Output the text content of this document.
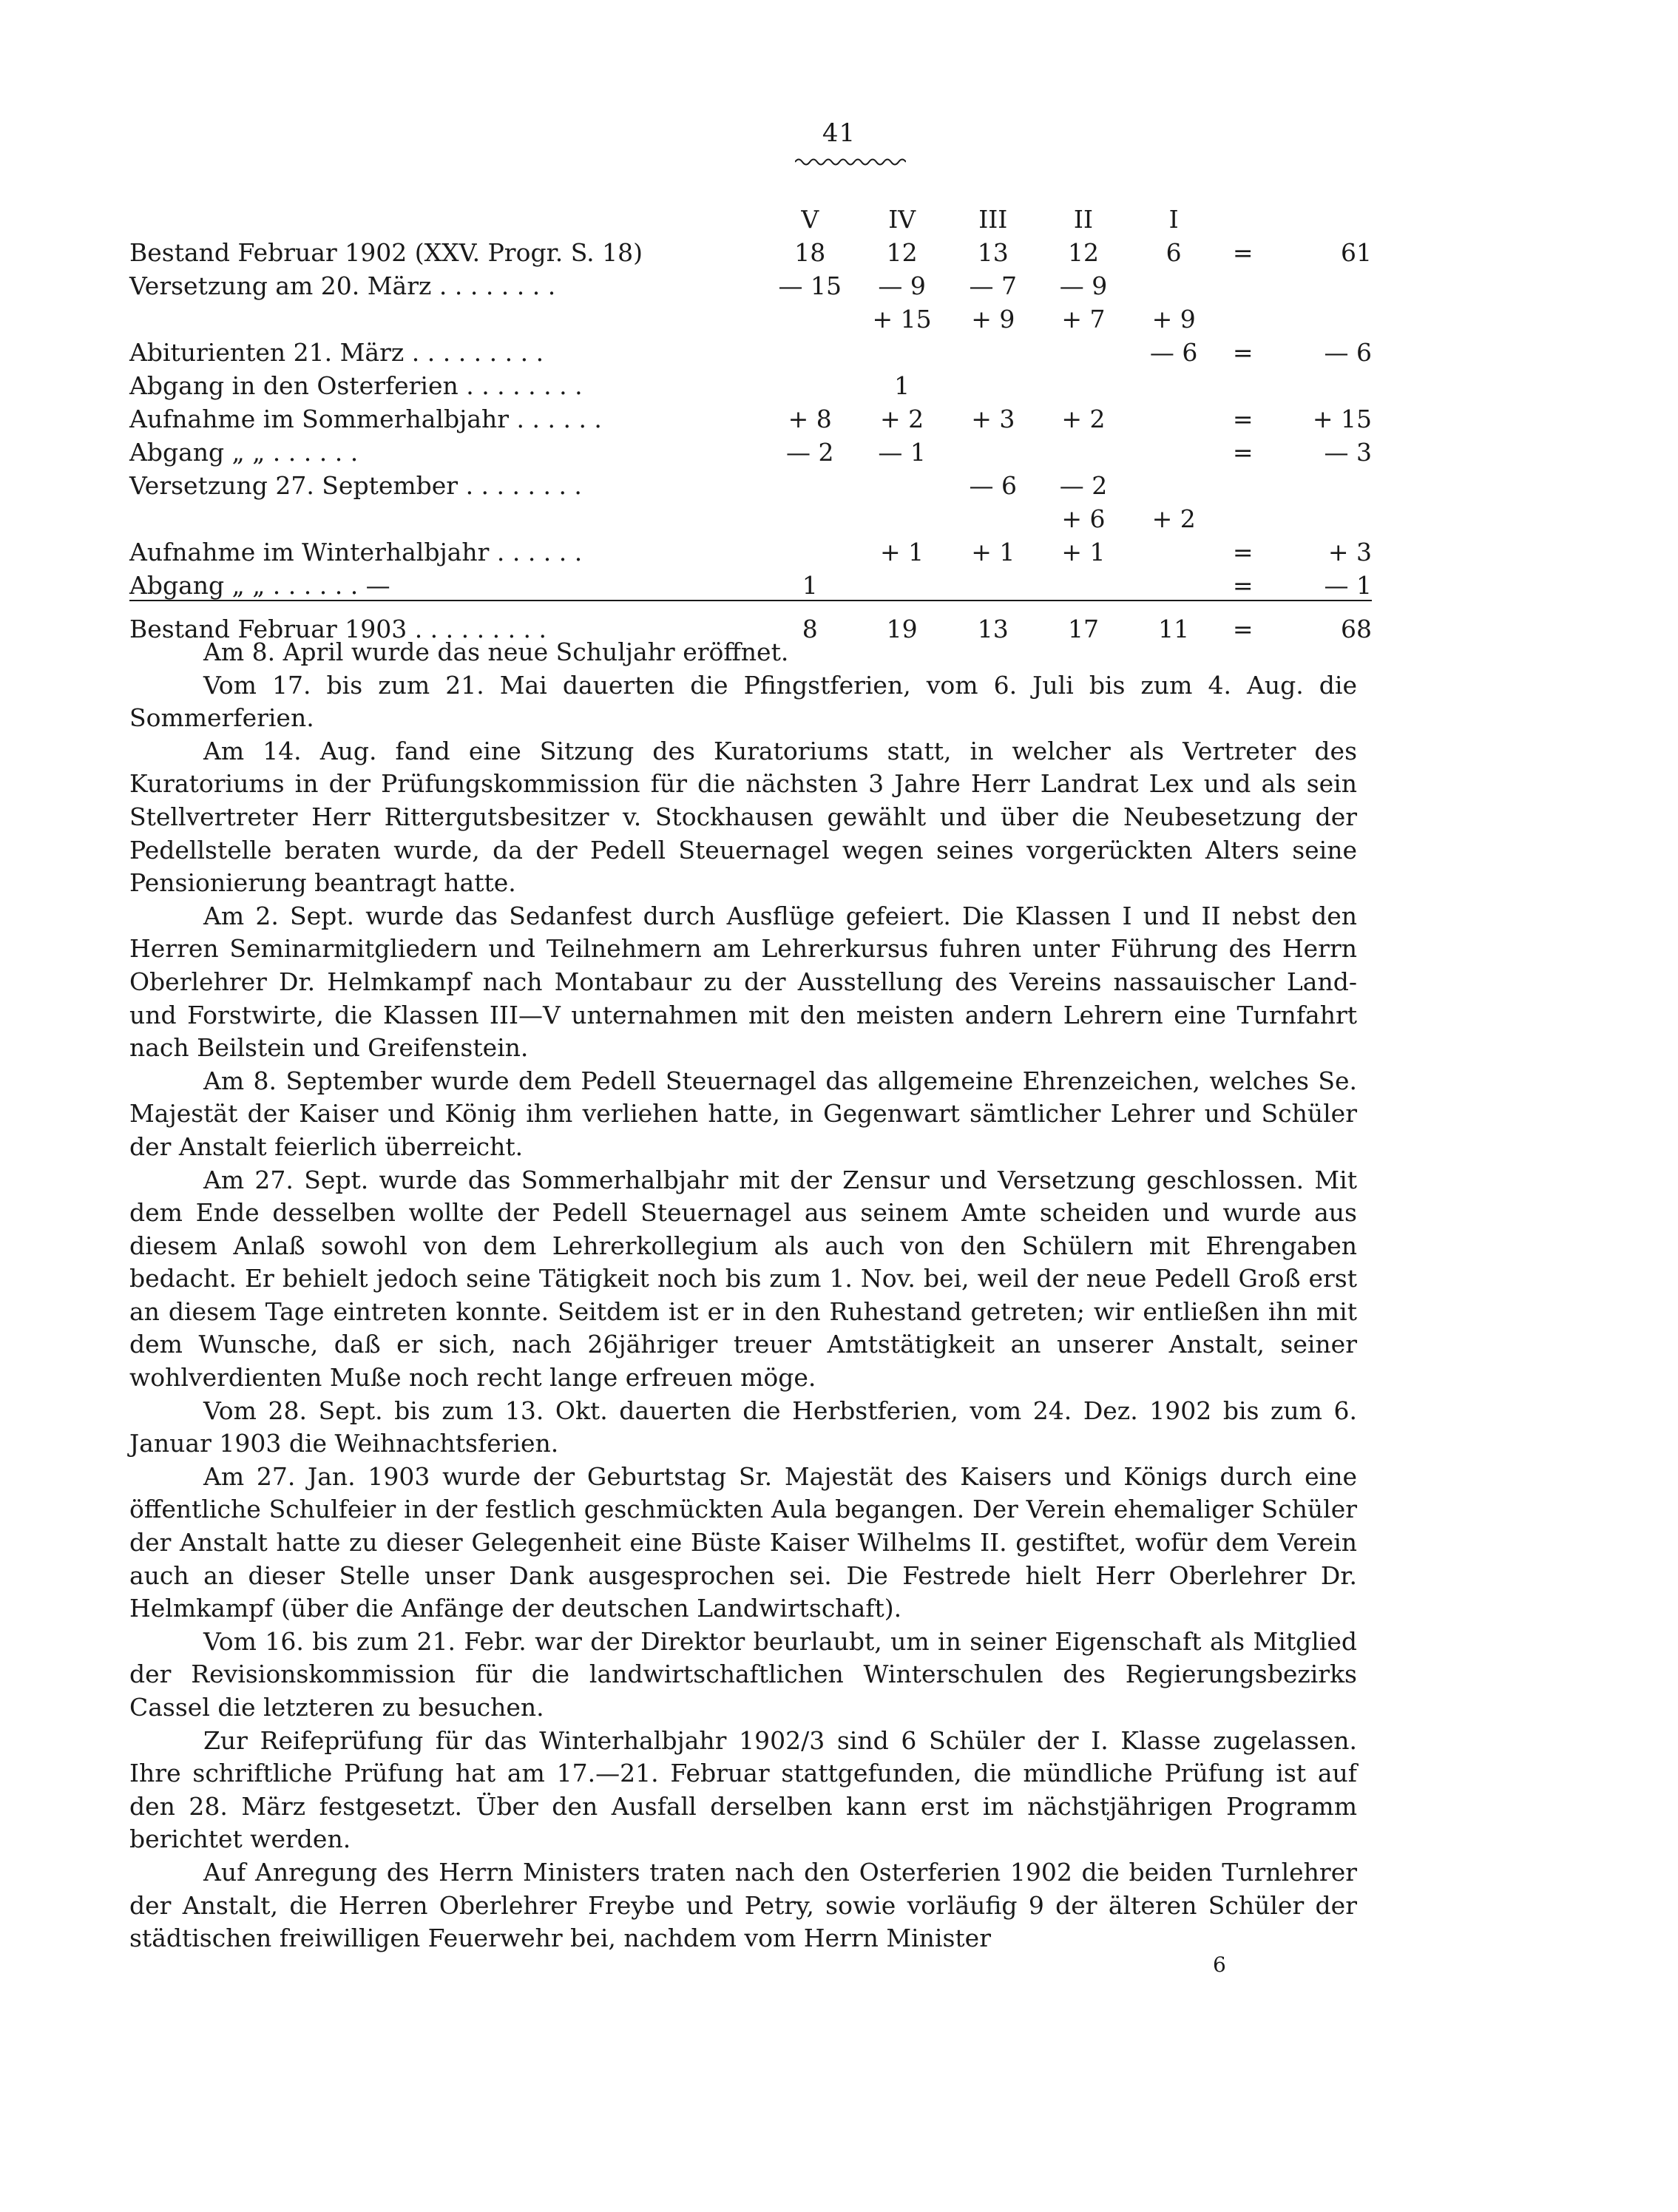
41
	V	IV	III	II	I		
Bestand Februar 1902 (XXV. Progr. S. 18)	18	12	13	12	6	=	61
Versetzung am 20. März . . . . . . . .	— 15	— 9	— 7	— 9			
		+ 15	+ 9	+ 7	+ 9		
Abiturienten 21. März . . . . . . . . .					— 6	=	— 6
Abgang in den Osterferien . . . . . . . .		1					
Aufnahme im Sommerhalbjahr . . . . . .	+ 8	+ 2	+ 3	+ 2		=	+ 15
Abgang „ „ . . . . . .	— 2	— 1				=	— 3
Versetzung 27. September . . . . . . . .			— 6	— 2			
				+ 6	+ 2		
Aufnahme im Winterhalbjahr . . . . . .		+ 1	+ 1	+ 1		=	+ 3
Abgang „ „ . . . . . . —	1					=	— 1
Bestand Februar 1903 . . . . . . . . .	8	19	13	17	11	=	68

Am 8. April wurde das neue Schuljahr eröffnet.

Vom 17. bis zum 21. Mai dauerten die Pfingstferien, vom 6. Juli bis zum 4. Aug. die Sommerferien.

Am 14. Aug. fand eine Sitzung des Kuratoriums statt, in welcher als Vertreter des Kuratoriums in der Prüfungskommission für die nächsten 3 Jahre Herr Landrat Lex und als sein Stellvertreter Herr Rittergutsbesitzer v. Stockhausen gewählt und über die Neubesetzung der Pedellstelle beraten wurde, da der Pedell Steuernagel wegen seines vorgerückten Alters seine Pensionierung beantragt hatte.

Am 2. Sept. wurde das Sedanfest durch Ausflüge gefeiert. Die Klassen I und II nebst den Herren Seminarmitgliedern und Teilnehmern am Lehrerkursus fuhren unter Führung des Herrn Oberlehrer Dr. Helmkampf nach Montabaur zu der Ausstellung des Vereins nassauischer Land- und Forstwirte, die Klassen III—V unternahmen mit den meisten andern Lehrern eine Turnfahrt nach Beilstein und Greifenstein.

Am 8. September wurde dem Pedell Steuernagel das allgemeine Ehrenzeichen, welches Se. Majestät der Kaiser und König ihm verliehen hatte, in Gegenwart sämtlicher Lehrer und Schüler der Anstalt feierlich überreicht.

Am 27. Sept. wurde das Sommerhalbjahr mit der Zensur und Versetzung geschlossen. Mit dem Ende desselben wollte der Pedell Steuernagel aus seinem Amte scheiden und wurde aus diesem Anlaß sowohl von dem Lehrerkollegium als auch von den Schülern mit Ehrengaben bedacht. Er behielt jedoch seine Tätigkeit noch bis zum 1. Nov. bei, weil der neue Pedell Groß erst an diesem Tage eintreten konnte. Seitdem ist er in den Ruhestand getreten; wir entließen ihn mit dem Wunsche, daß er sich, nach 26jähriger treuer Amtstätigkeit an unserer Anstalt, seiner wohlverdienten Muße noch recht lange erfreuen möge.

Vom 28. Sept. bis zum 13. Okt. dauerten die Herbstferien, vom 24. Dez. 1902 bis zum 6. Januar 1903 die Weihnachtsferien.

Am 27. Jan. 1903 wurde der Geburtstag Sr. Majestät des Kaisers und Königs durch eine öffentliche Schulfeier in der festlich geschmückten Aula begangen. Der Verein ehemaliger Schüler der Anstalt hatte zu dieser Gelegenheit eine Büste Kaiser Wilhelms II. gestiftet, wofür dem Verein auch an dieser Stelle unser Dank ausgesprochen sei. Die Festrede hielt Herr Oberlehrer Dr. Helmkampf (über die Anfänge der deutschen Landwirtschaft).

Vom 16. bis zum 21. Febr. war der Direktor beurlaubt, um in seiner Eigenschaft als Mitglied der Revisionskommission für die landwirtschaftlichen Winterschulen des Regierungsbezirks Cassel die letzteren zu besuchen.

Zur Reifeprüfung für das Winterhalbjahr 1902/3 sind 6 Schüler der I. Klasse zugelassen. Ihre schriftliche Prüfung hat am 17.—21. Februar stattgefunden, die mündliche Prüfung ist auf den 28. März festgesetzt. Über den Ausfall derselben kann erst im nächstjährigen Programm berichtet werden.

Auf Anregung des Herrn Ministers traten nach den Osterferien 1902 die beiden Turnlehrer der Anstalt, die Herren Oberlehrer Freybe und Petry, sowie vorläufig 9 der älteren Schüler der städtischen freiwilligen Feuerwehr bei, nachdem vom Herrn Minister

6
